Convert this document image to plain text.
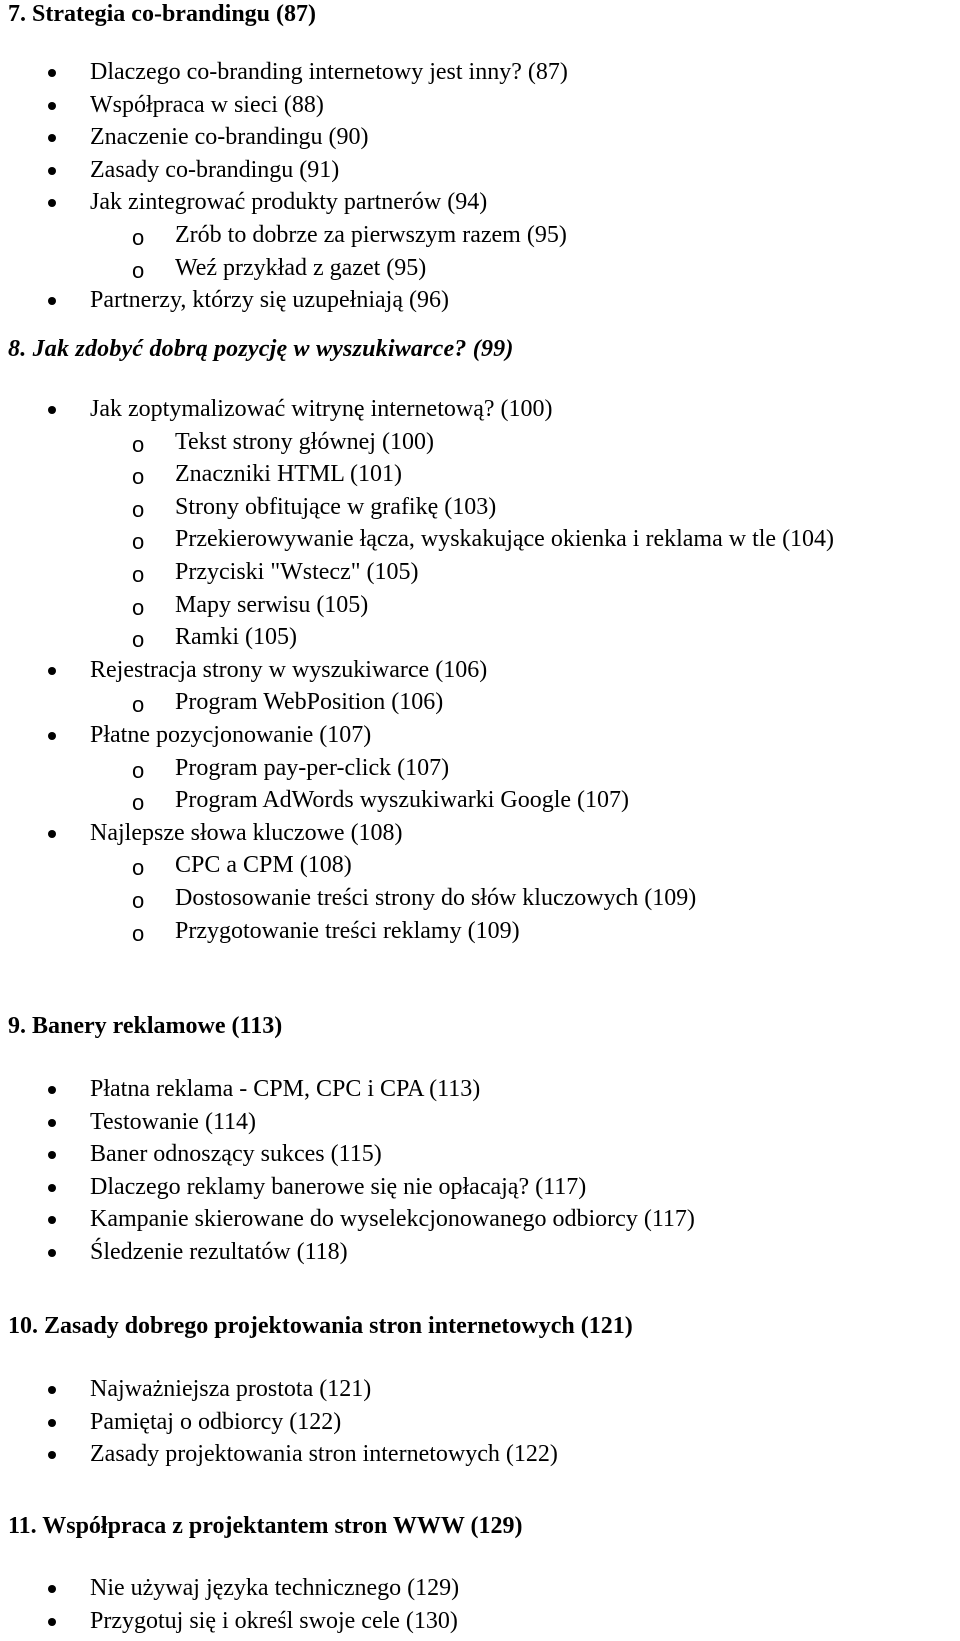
7. Strategia co-brandingu (87)
Dlaczego co-branding internetowy jest inny? (87)
Współpraca w sieci (88)
Znaczenie co-brandingu (90)
Zasady co-brandingu (91)
Jak zintegrować produkty partnerów (94)
o Zrób to dobrze za pierwszym razem (95)
o Weź przykład z gazet (95)
Partnerzy, którzy się uzupełniają (96)
8. Jak zdobyć dobrą pozycję w wyszukiwarce? (99)
Jak zoptymalizować witrynę internetową? (100)
o Tekst strony głównej (100)
o Znaczniki HTML (101)
o Strony obfitujące w grafikę (103)
o Przekierowywanie łącza, wyskakujące okienka i reklama w tle (104)
o Przyciski "Wstecz" (105)
o Mapy serwisu (105)
o Ramki (105)
Rejestracja strony w wyszukiwarce (106)
o Program WebPosition (106)
Płatne pozycjonowanie (107)
o Program pay-per-click (107)
o Program AdWords wyszukiwarki Google (107)
Najlepsze słowa kluczowe (108)
o CPC a CPM (108)
o Dostosowanie treści strony do słów kluczowych (109)
o Przygotowanie treści reklamy (109)
9. Banery reklamowe (113)
Płatna reklama - CPM, CPC i CPA (113)
Testowanie (114)
Baner odnoszący sukces (115)
Dlaczego reklamy banerowe się nie opłacają? (117)
Kampanie skierowane do wyselekcjonowanego odbiorcy (117)
Śledzenie rezultatów (118)
10. Zasady dobrego projektowania stron internetowych (121)
Najważniejsza prostota (121)
Pamiętaj o odbiorcy (122)
Zasady projektowania stron internetowych (122)
11. Współpraca z projektantem stron WWW (129)
Nie używaj języka technicznego (129)
Przygotuj się i określ swoje cele (130)
